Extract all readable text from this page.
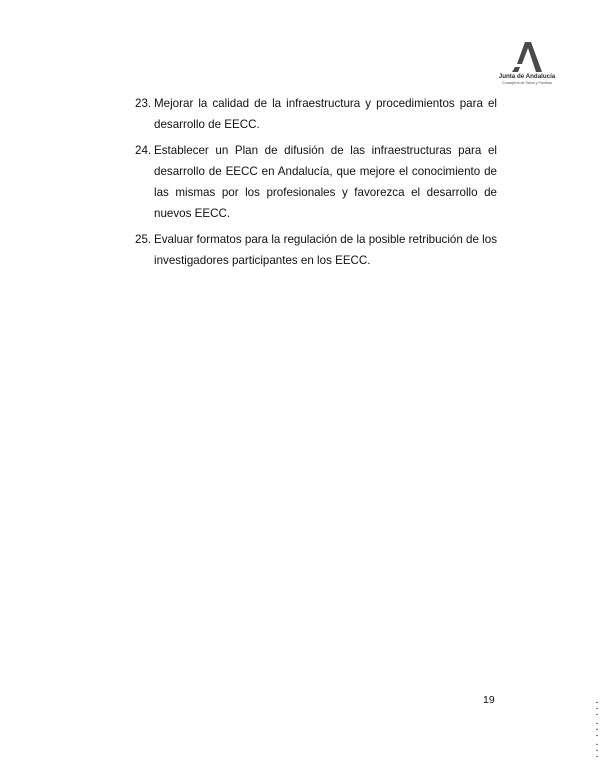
Junta de Andalucía
Consejería de Salud y Familias
23. Mejorar la calidad de la infraestructura y procedimientos para el desarrollo de EECC.
24. Establecer un Plan de difusión de las infraestructuras para el desarrollo de EECC en Andalucía, que mejore el conocimiento de las mismas por los profesionales y favorezca el desarrollo de nuevos EECC.
25. Evaluar formatos para la regulación de la posible retribución de los investigadores participantes en los EECC.
19	▪▪▪ ▪▪▪ ▪▪▪
